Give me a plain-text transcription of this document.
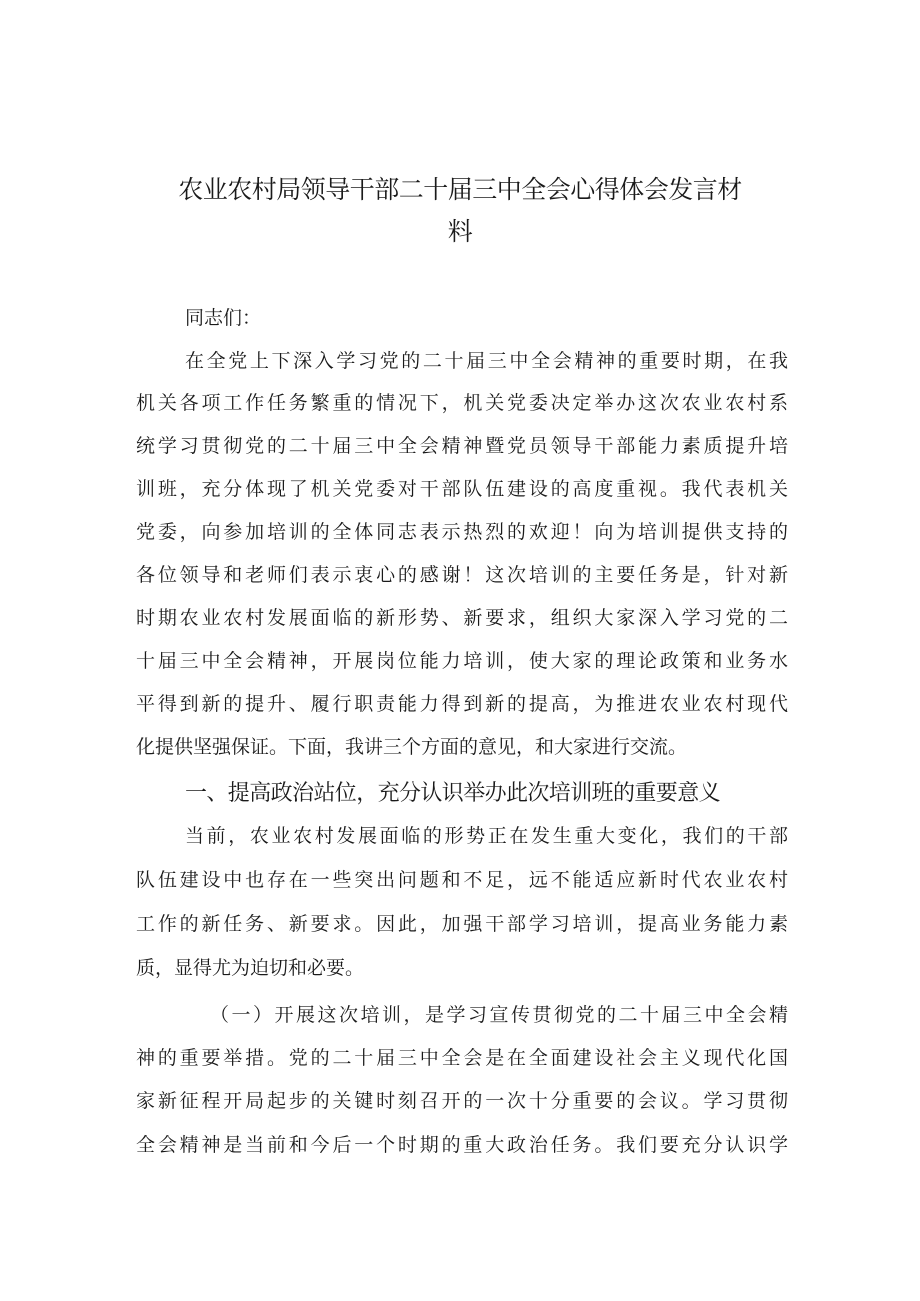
农业农村局领导干部二十届三中全会心得体会发言材
料
同志们：
在全党上下深入学习党的二十届三中全会精神的重要时期，在我
机关各项工作任务繁重的情况下，机关党委决定举办这次农业农村系
统学习贯彻党的二十届三中全会精神暨党员领导干部能力素质提升培
训班，充分体现了机关党委对干部队伍建设的高度重视。我代表机关
党委，向参加培训的全体同志表示热烈的欢迎！向为培训提供支持的
各位领导和老师们表示衷心的感谢！这次培训的主要任务是，针对新
时期农业农村发展面临的新形势、新要求，组织大家深入学习党的二
十届三中全会精神，开展岗位能力培训，使大家的理论政策和业务水
平得到新的提升、履行职责能力得到新的提高，为推进农业农村现代
化提供坚强保证。下面，我讲三个方面的意见，和大家进行交流。
一、提高政治站位，充分认识举办此次培训班的重要意义
当前，农业农村发展面临的形势正在发生重大变化，我们的干部
队伍建设中也存在一些突出问题和不足，远不能适应新时代农业农村
工作的新任务、新要求。因此，加强干部学习培训，提高业务能力素
质，显得尤为迫切和必要。
（一）开展这次培训，是学习宣传贯彻党的二十届三中全会精
神的重要举措。党的二十届三中全会是在全面建设社会主义现代化国
家新征程开局起步的关键时刻召开的一次十分重要的会议。学习贯彻
全会精神是当前和今后一个时期的重大政治任务。我们要充分认识学
